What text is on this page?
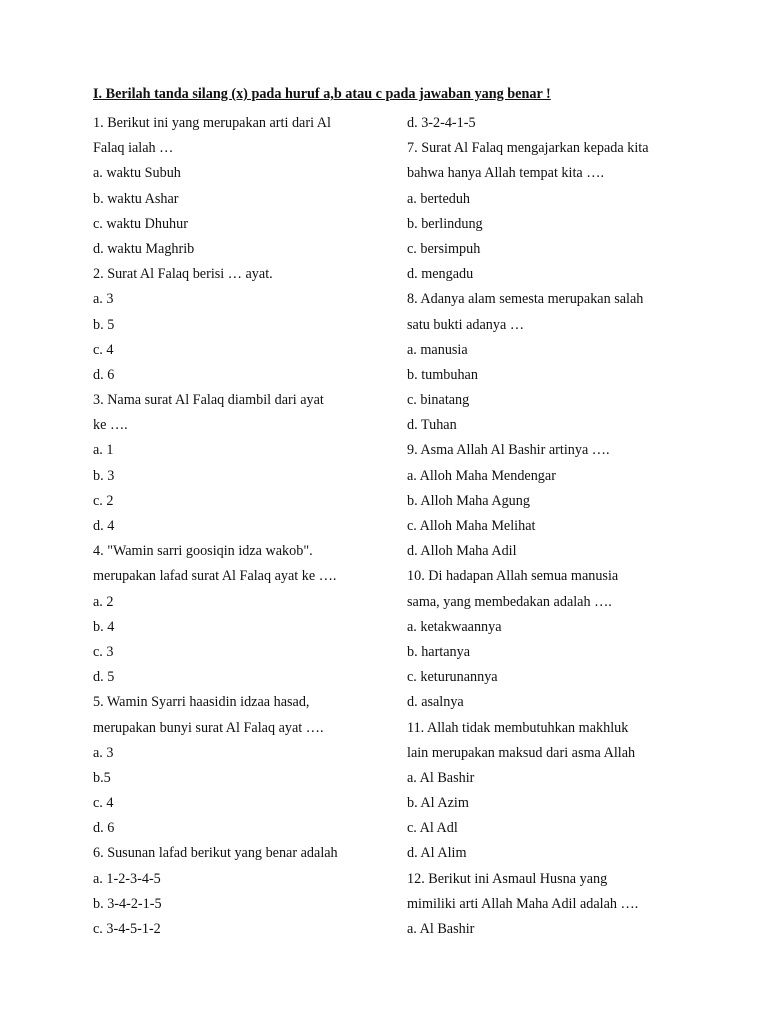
I. Berilah tanda silang (x) pada huruf a,b atau c pada jawaban yang benar !

1. Berikut ini yang merupakan arti dari Al
Falaq ialah …
a. waktu Subuh
b. waktu Ashar
c. waktu Dhuhur
d. waktu Maghrib
2. Surat Al Falaq berisi … ayat.
a. 3
b. 5
c. 4
d. 6
3. Nama surat Al Falaq diambil dari ayat
ke ….
a. 1
b. 3
c. 2
d. 4
4. "Wamin sarri goosiqin idza wakob".
merupakan lafad surat Al Falaq ayat ke ….
a. 2
b. 4
c. 3
d. 5
5. Wamin Syarri haasidin idzaa hasad,
merupakan bunyi surat Al Falaq ayat ….
a. 3
b.5
c. 4
d. 6
6. Susunan lafad berikut yang benar adalah
a. 1-2-3-4-5
b. 3-4-2-1-5
c. 3-4-5-1-2
d. 3-2-4-1-5
7. Surat Al Falaq mengajarkan kepada kita
bahwa hanya Allah tempat kita ….
a. berteduh
b. berlindung
c. bersimpuh
d. mengadu
8. Adanya alam semesta merupakan salah
satu bukti adanya …
a. manusia
b. tumbuhan
c. binatang
d. Tuhan
9. Asma Allah Al Bashir artinya ….
a. Alloh Maha Mendengar
b. Alloh Maha Agung
c. Alloh Maha Melihat
d. Alloh Maha Adil
10. Di hadapan Allah semua manusia
sama, yang membedakan adalah ….
a. ketakwaannya
b. hartanya
c. keturunannya
d. asalnya
11. Allah tidak membutuhkan makhluk
lain merupakan maksud dari asma Allah
a. Al Bashir
b. Al Azim
c. Al Adl
d. Al Alim
12. Berikut ini Asmaul Husna yang
mimiliki arti Allah Maha Adil adalah ….
a. Al Bashir
